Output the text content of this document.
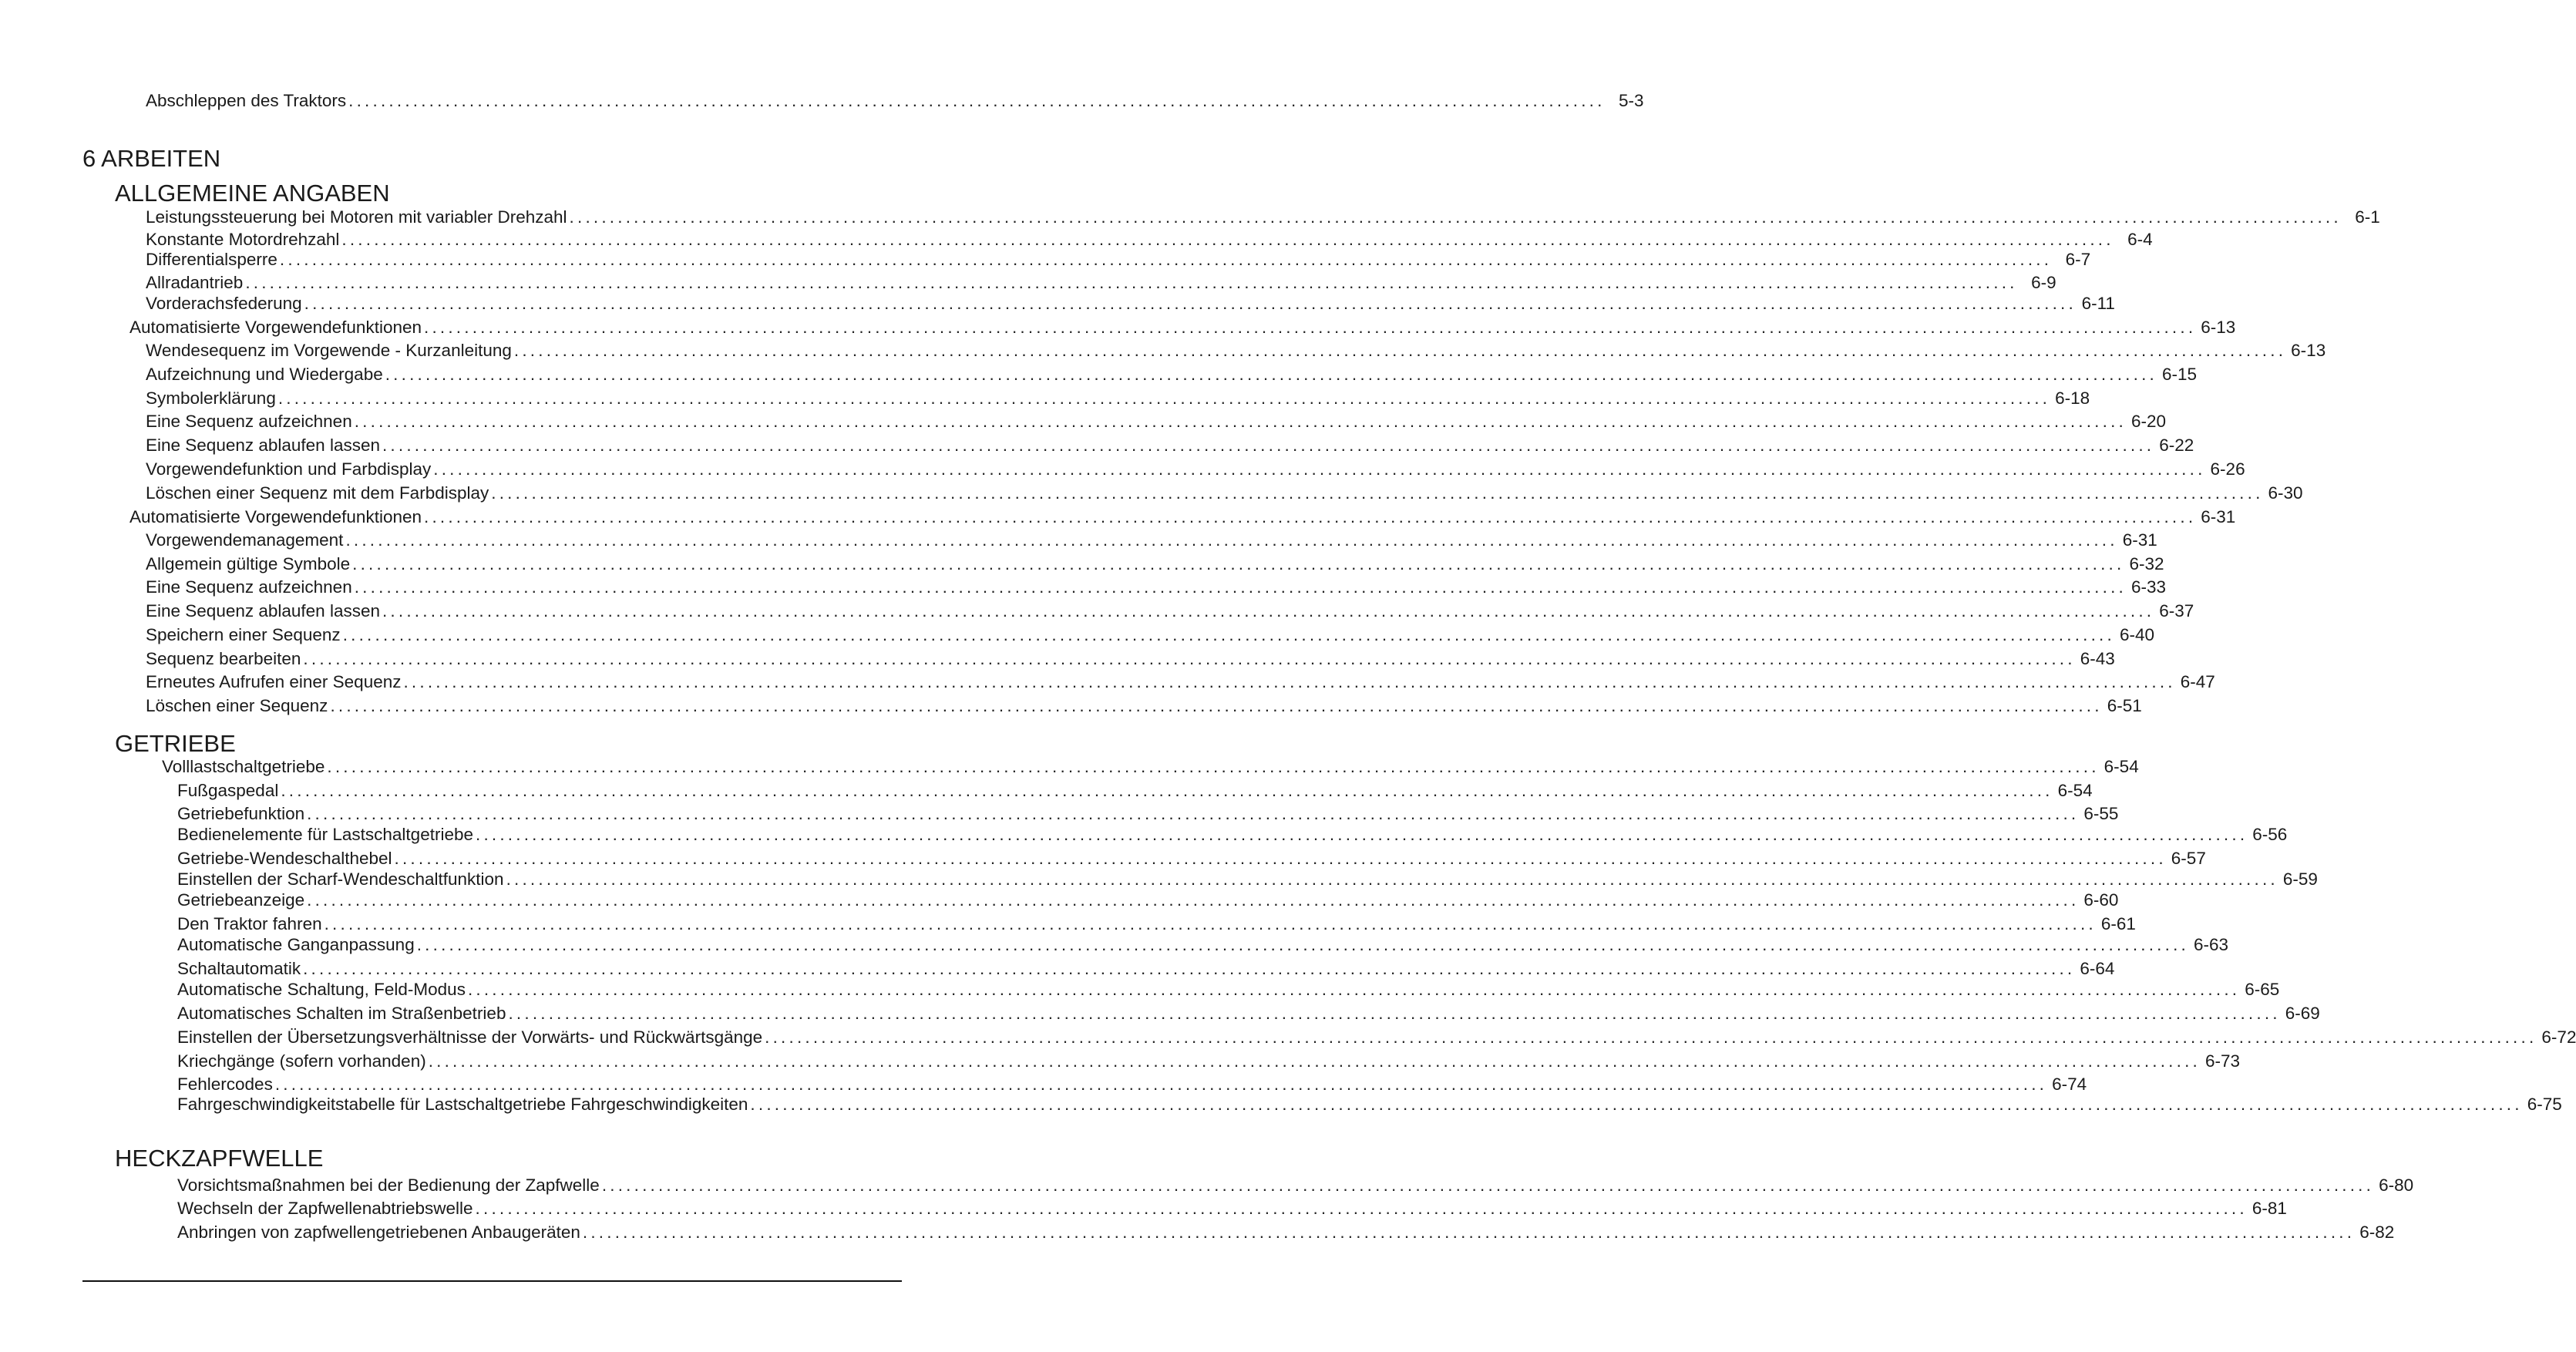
Abschleppen des Traktors ............................................................................................................................................................ 5-3
6 ARBEITEN
ALLGEMEINE ANGABEN
GETRIEBE
HECKZAPFWELLE
Leistungssteuerung bei Motoren mit variabler Drehzahl ............................................................................................................................................................................................................................ 6-1
Konstante Motordrehzahl ............................................................................................................................................................................................................................ 6-4
Differentialsperre ............................................................................................................................................................................................................................ 6-7
Allradantrieb ............................................................................................................................................................................................................................ 6-9
Vorderachsfederung ............................................................................................................................................................................................................................ 6-11
Automatisierte Vorgewendefunktionen ............................................................................................................................................................................................................................ 6-13
Wendesequenz im Vorgewende - Kurzanleitung ............................................................................................................................................................................................................................ 6-13
Aufzeichnung und Wiedergabe ............................................................................................................................................................................................................................ 6-15
Symbolerklärung ............................................................................................................................................................................................................................ 6-18
Eine Sequenz aufzeichnen ............................................................................................................................................................................................................................ 6-20
Eine Sequenz ablaufen lassen ............................................................................................................................................................................................................................ 6-22
Vorgewendefunktion und Farbdisplay ............................................................................................................................................................................................................................ 6-26
Löschen einer Sequenz mit dem Farbdisplay ............................................................................................................................................................................................................................ 6-30
Automatisierte Vorgewendefunktionen ............................................................................................................................................................................................................................ 6-31
Vorgewendemanagement ............................................................................................................................................................................................................................ 6-31
Allgemein gültige Symbole ............................................................................................................................................................................................................................ 6-32
Eine Sequenz aufzeichnen ............................................................................................................................................................................................................................ 6-33
Eine Sequenz ablaufen lassen ............................................................................................................................................................................................................................ 6-37
Speichern einer Sequenz ............................................................................................................................................................................................................................ 6-40
Sequenz bearbeiten ............................................................................................................................................................................................................................ 6-43
Erneutes Aufrufen einer Sequenz ............................................................................................................................................................................................................................ 6-47
Löschen einer Sequenz ............................................................................................................................................................................................................................ 6-51
Volllastschaltgetriebe ............................................................................................................................................................................................................................ 6-54
Fußgaspedal ............................................................................................................................................................................................................................ 6-54
Getriebefunktion ............................................................................................................................................................................................................................ 6-55
Bedienelemente für Lastschaltgetriebe ............................................................................................................................................................................................................................ 6-56
Getriebe-Wendeschalthebel ............................................................................................................................................................................................................................ 6-57
Einstellen der Scharf-Wendeschaltfunktion ............................................................................................................................................................................................................................ 6-59
Getriebeanzeige ............................................................................................................................................................................................................................ 6-60
Den Traktor fahren ............................................................................................................................................................................................................................ 6-61
Automatische Ganganpassung ............................................................................................................................................................................................................................ 6-63
Schaltautomatik ............................................................................................................................................................................................................................ 6-64
Automatische Schaltung, Feld-Modus ............................................................................................................................................................................................................................ 6-65
Automatisches Schalten im Straßenbetrieb ............................................................................................................................................................................................................................ 6-69
Einstellen der Übersetzungsverhältnisse der Vorwärts- und Rückwärtsgänge ............................................................................................................................................................................................................................ 6-72
Kriechgänge (sofern vorhanden) ............................................................................................................................................................................................................................ 6-73
Fehlercodes ............................................................................................................................................................................................................................ 6-74
Fahrgeschwindigkeitstabelle für Lastschaltgetriebe Fahrgeschwindigkeiten ............................................................................................................................................................................................................................ 6-75
Vorsichtsmaßnahmen bei der Bedienung der Zapfwelle ............................................................................................................................................................................................................................ 6-80
Wechseln der Zapfwellenabtriebswelle ............................................................................................................................................................................................................................ 6-81
Anbringen von zapfwellengetriebenen Anbaugeräten ............................................................................................................................................................................................................................ 6-82
